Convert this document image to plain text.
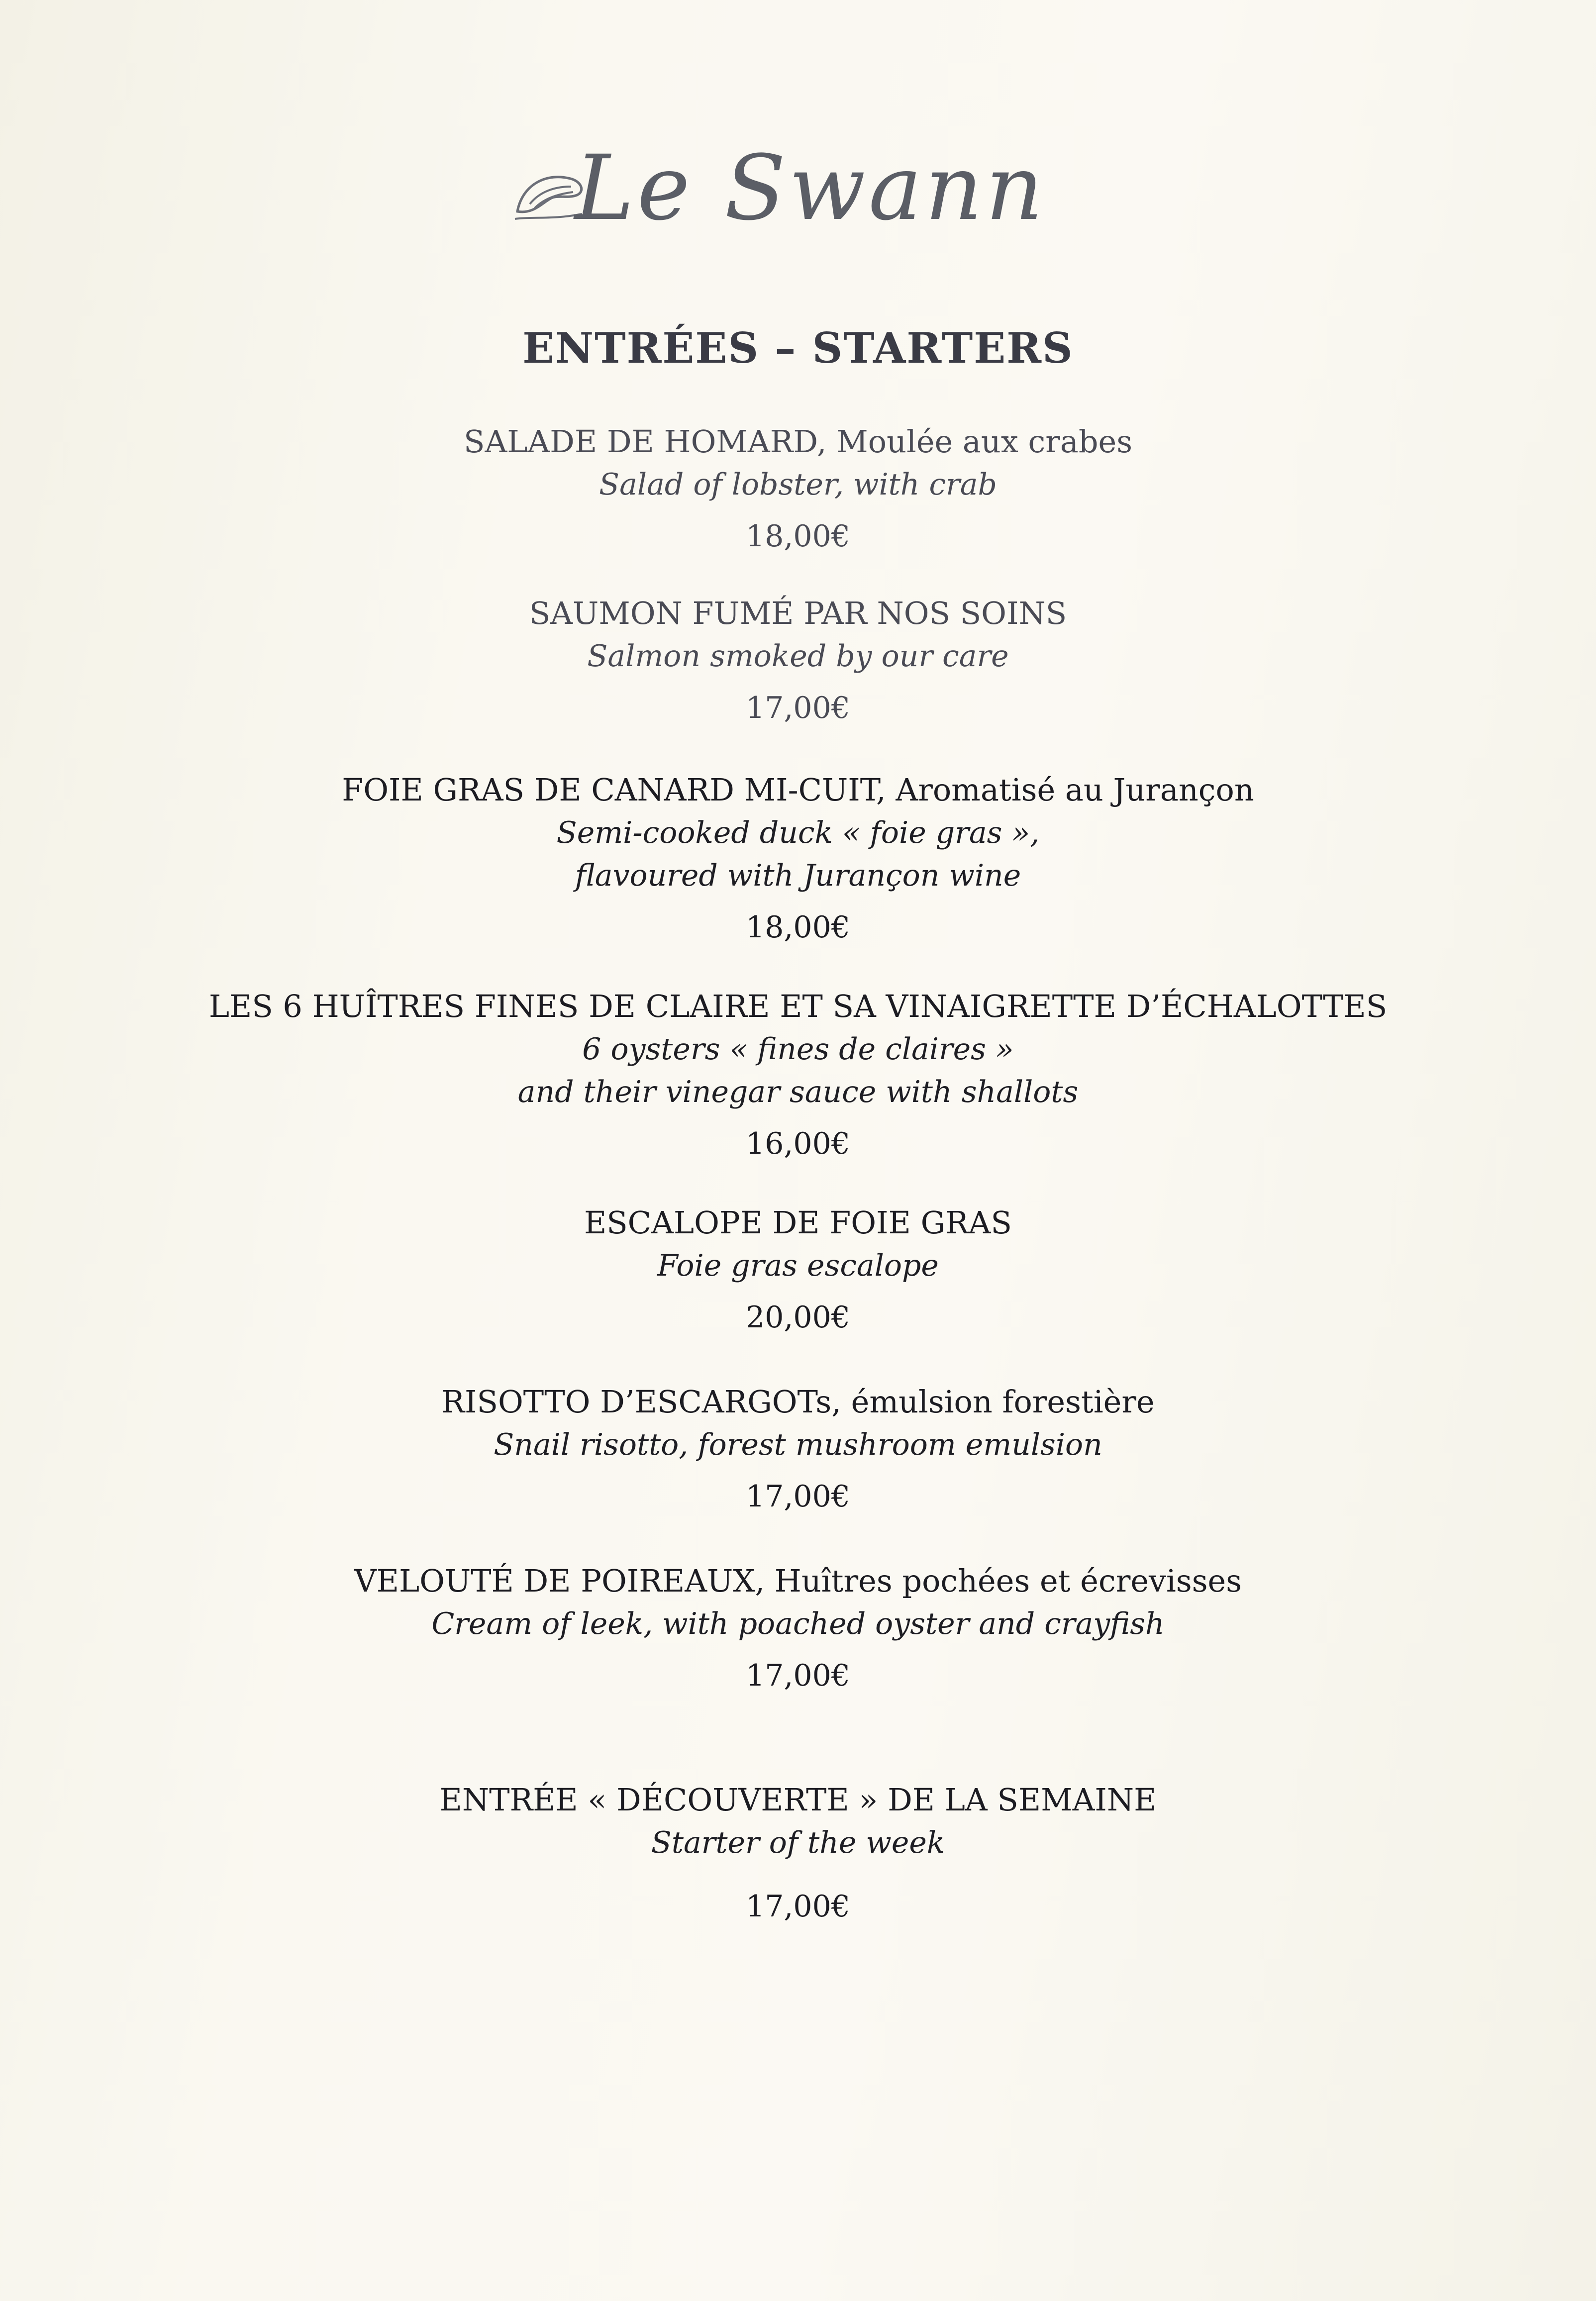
Le Swann
ENTRÉES – STARTERS
SALADE DE HOMARD, Moulée aux crabes
Salad of lobster, with crab
18,00€
SAUMON FUMÉ PAR NOS SOINS
Salmon smoked by our care
17,00€
FOIE GRAS DE CANARD MI-CUIT, Aromatisé au Jurançon
Semi-cooked duck « foie gras »,
flavoured with Jurançon wine
18,00€
LES 6 HUÎTRES FINES DE CLAIRE ET SA VINAIGRETTE D’ÉCHALOTTES
6 oysters « fines de claires »
and their vinegar sauce with shallots
16,00€
ESCALOPE DE FOIE GRAS
Foie gras escalope
20,00€
RISOTTO D’ESCARGOTs, émulsion forestière
Snail risotto, forest mushroom emulsion
17,00€
VELOUTÉ DE POIREAUX, Huîtres pochées et écrevisses
Cream of leek, with poached oyster and crayfish
17,00€
ENTRÉE « DÉCOUVERTE » DE LA SEMAINE
Starter of the week
17,00€
